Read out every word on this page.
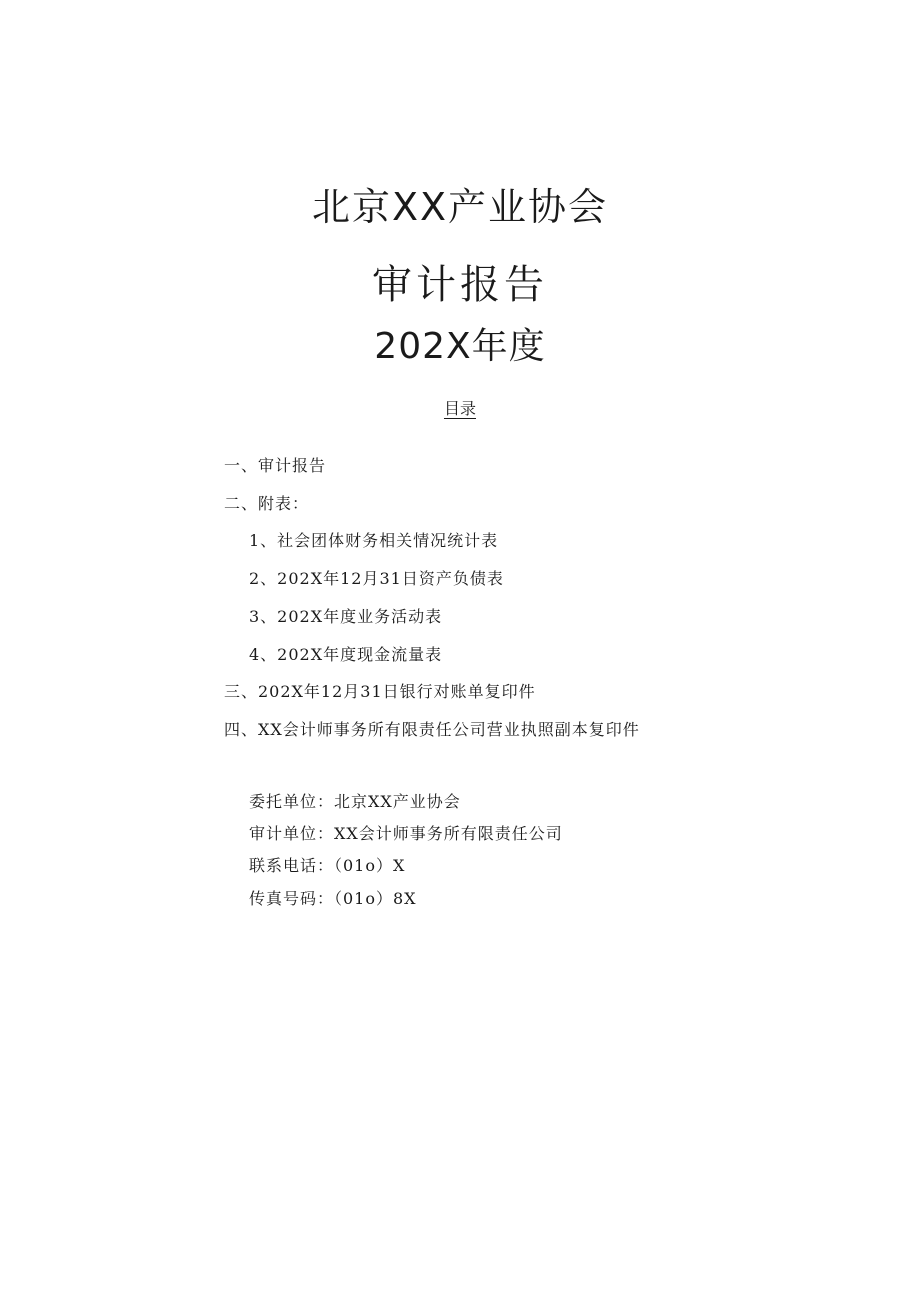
北京XX产业协会
审计报告
202X年度
目录
一、审计报告
二、附表：
1、社会团体财务相关情况统计表
2、202X年12月31日资产负债表
3、202X年度业务活动表
4、202X年度现金流量表
三、202X年12月31日银行对账单复印件
四、XX会计师事务所有限责任公司营业执照副本复印件
委托单位：北京XX产业协会
审计单位：XX会计师事务所有限责任公司
联系电话：（01o）X
传真号码：（01o）8X
